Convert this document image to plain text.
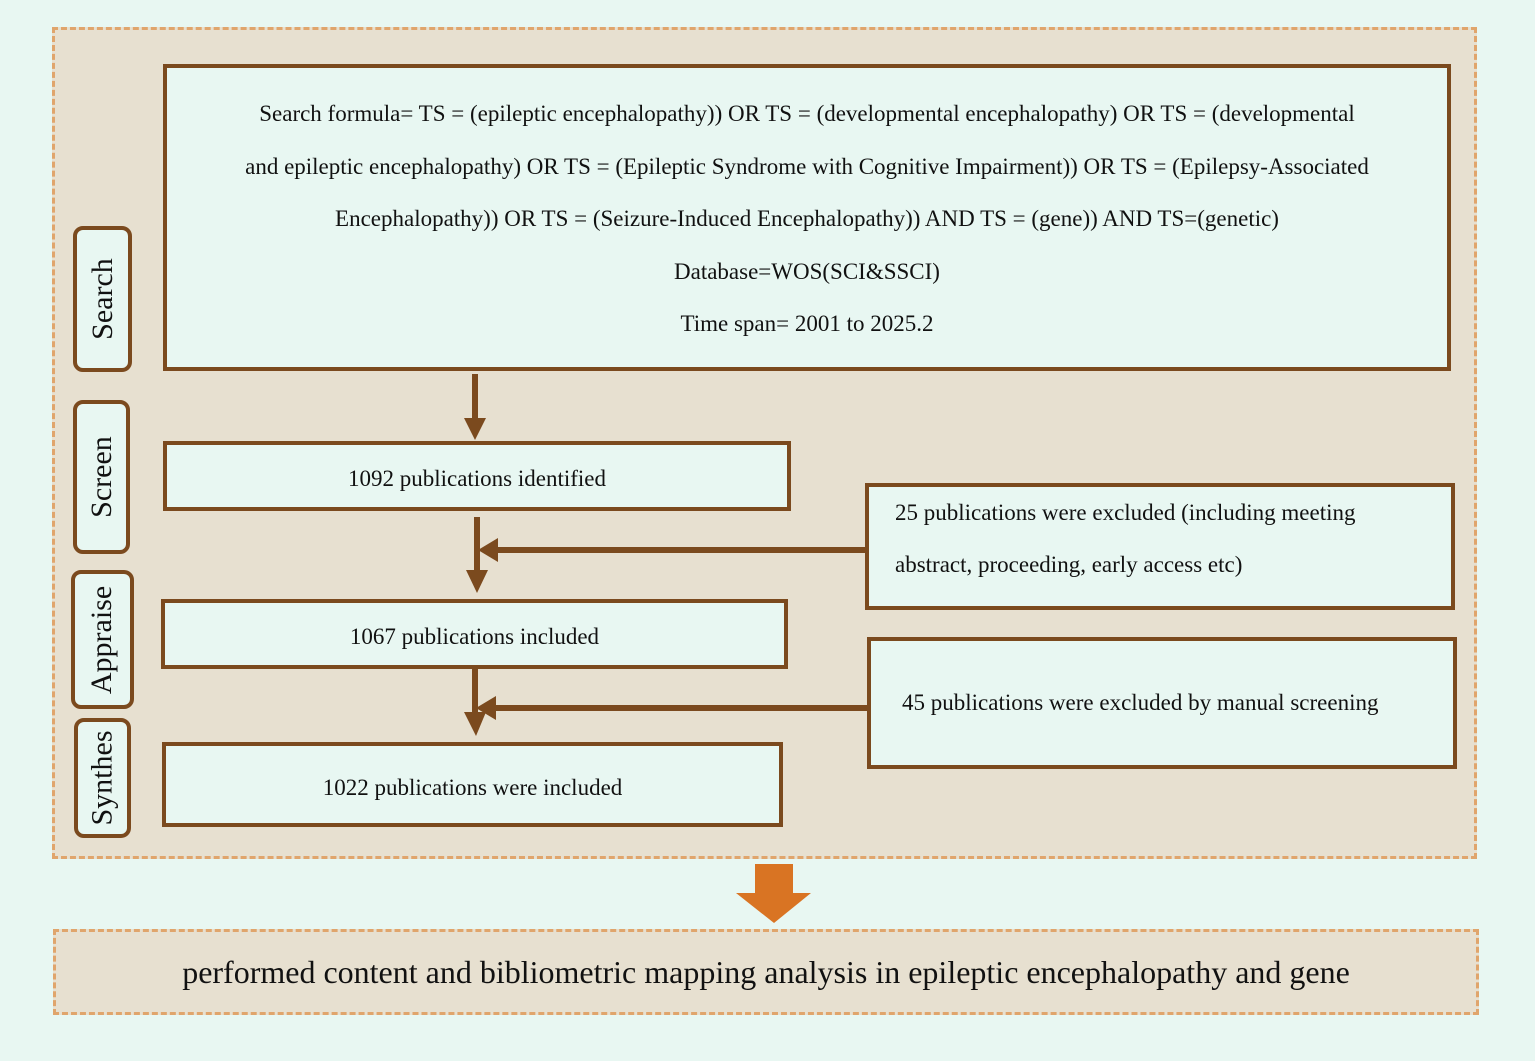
Search
Screen
Appraise
Synthes
Search formula= TS = (epileptic encephalopathy)) OR TS = (developmental encephalopathy) OR TS = (developmental
and epileptic encephalopathy) OR TS = (Epileptic Syndrome with Cognitive Impairment)) OR TS = (Epilepsy-Associated
Encephalopathy)) OR TS = (Seizure-Induced Encephalopathy)) AND TS = (gene)) AND TS=(genetic)
Database=WOS(SCI&SSCI)
Time span= 2001 to 2025.2
1092 publications identified
1067 publications included
1022 publications were included
25 publications were excluded (including meeting
abstract, proceeding, early access etc)
45 publications were excluded by manual screening
performed content and bibliometric mapping analysis in epileptic encephalopathy and gene
